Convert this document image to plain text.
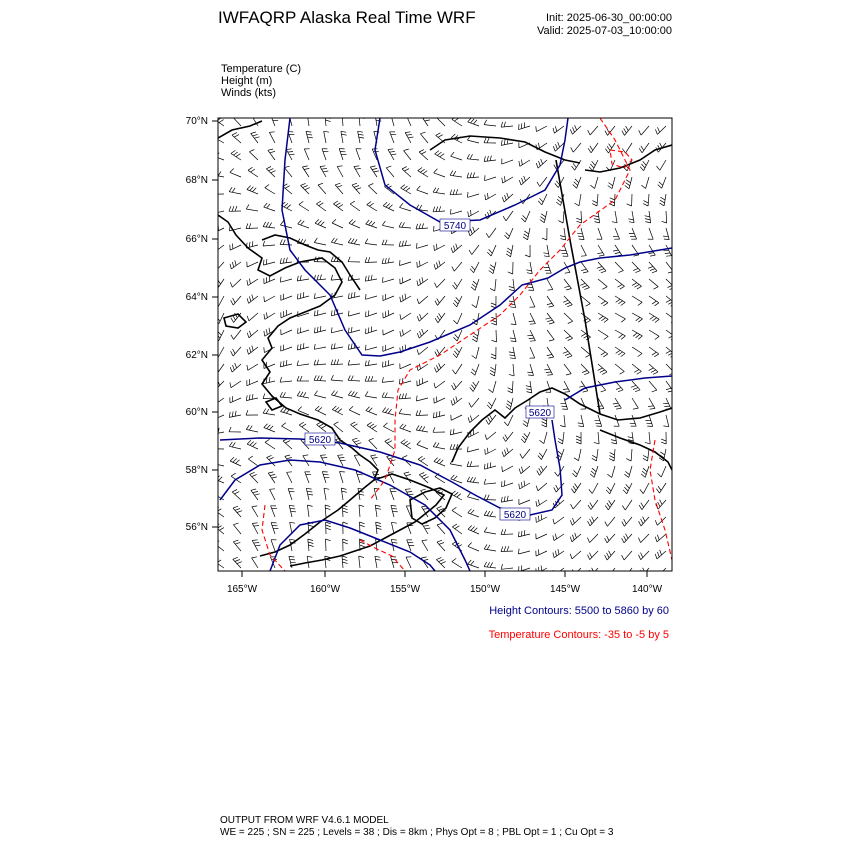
IWFAQRP Alaska Real Time WRF	Init: 2025-06-30_00:00:00
Valid: 2025-07-03_10:00:00
Temperature (C)
Height (m)
Winds (kts)
5740
5620
5620
5620
70°N
68°N
66°N
64°N
62°N
60°N
58°N
56°N
165°W	160°W	155°W	150°W	145°W	140°W
Height Contours: 5500 to 5860 by 60
Temperature Contours: -35 to -5 by 5
OUTPUT FROM WRF V4.6.1 MODEL
WE = 225 ; SN = 225 ; Levels = 38 ; Dis = 8km ; Phys Opt = 8 ; PBL Opt = 1 ; Cu Opt = 3
